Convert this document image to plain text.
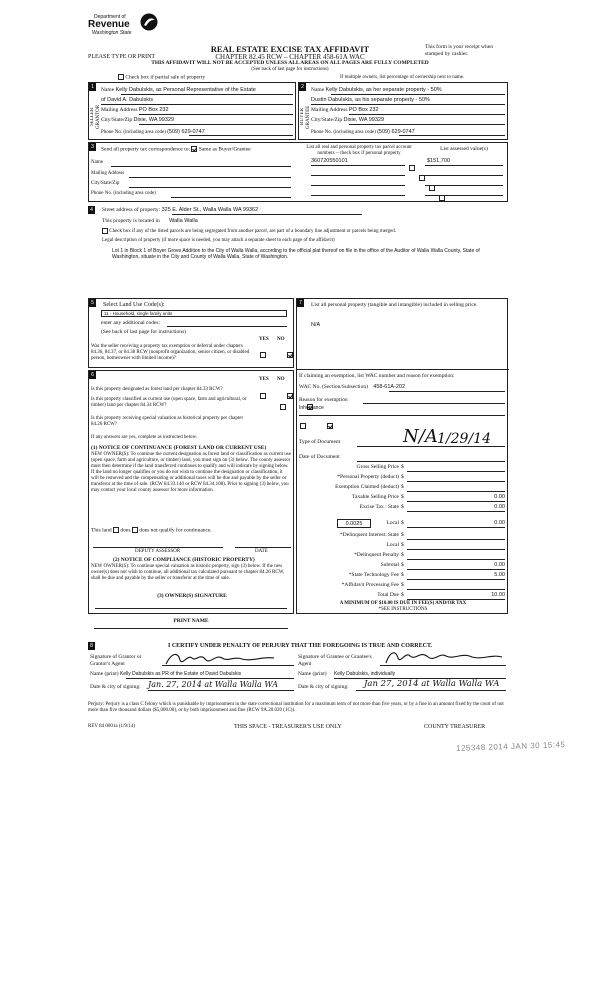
Department of
Revenue
Washington State
PLEASE TYPE OR PRINT
REAL ESTATE EXCISE TAX AFFIDAVIT
CHAPTER 82.45 RCW – CHAPTER 458-61A WAC
THIS AFFIDAVIT WILL NOT BE ACCEPTED UNLESS ALL AREAS ON ALL PAGES ARE FULLY COMPLETED
(See back of last page for instructions)
This form is your receipt when stamped by cashier.
Check box if partial sale of property	If multiple owners, list percentage of ownership next to name.
1
SELLER GRANTOR
Name Kelly Dabulskis, as Personal Representative of the Estate
of David A. Dabulskis
Mailing Address PO Box 232
City/State/Zip Dixie, WA 99329
Phone No. (including area code) (509) 629-0747
2
BUYER GRANTEE
Name Kelly Dabulskis, as her separate property - 50%
Dustin Dabulskis, as his separate property - 50%
Mailing Address PO Box 232
City/State/Zip Dixie, WA 99329
Phone No. (including area code) (509) 629-0747
3	Send all property tax correspondence to: Same as Buyer/Grantee
Name
Mailing Address
City/State/Zip
Phone No. (including area code)
List all real and personal property tax parcel account numbers – check box if personal property
List assessed value(s)
360720550101
	$151,700

4	Street address of property: 325 E. Alder St., Walla Walla WA 99362
This property is located in Walla Walla
Check box if any of the listed parcels are being segregated from another parcel, are part of a boundary line adjustment or parcels being merged.
Legal description of property (if more space is needed, you may attach a separate sheet to each page of the affidavit)
Lot 1 in Block 1 of Boyer Grove Addition to the City of Walla Walla, according to the official plat thereof on file in the office of the Auditor of Walla Walla County, State of Washington, situate in the City and County of Walla Walla, State of Washington.
5	Select Land Use Code(s):
11 - Household, single family units
enter any additional codes:
(See back of last page for instructions)
YES NO
Was the seller receiving a property tax exemption or deferral under chapters 84.36, 84.37, or 84.38 RCW (nonprofit organization, senior citizen, or disabled person, homeowner with limited income)?

6
YES NO
Is this property designated as forest land per chapter 84.33 RCW?

Is this property classified as current use (open space, farm and agricultural, or timber) land per chapter 84.34 RCW?

Is this property receiving special valuation as historical property per chapter 84.26 RCW?

If any answers are yes, complete as instructed below.
(1) NOTICE OF CONTINUANCE (FOREST LAND OR CURRENT USE)
NEW OWNER(S): To continue the current designation as forest land or classification as current use (open space, farm and agriculture, or timber) land, you must sign on (3) below. The county assessor must then determine if the land transferred continues to qualify and will indicate by signing below. If the land no longer qualifies or you do not wish to continue the designation or classification, it will be removed and the compensating or additional taxes will be due and payable by the seller or transferor at the time of sale. (RCW 84.33.140 or RCW 84.34.108). Prior to signing (3) below, you may contact your local county assessor for more information.
This land does does not qualify for continuance.
DEPUTY ASSESSOR	DATE
(2) NOTICE OF COMPLIANCE (HISTORIC PROPERTY)
NEW OWNER(S): To continue special valuation as historic property, sign (3) below. If the new owner(s) does not wish to continue, all additional tax calculated pursuant to chapter 84.26 RCW, shall be due and payable by the seller or transferor at the time of sale.
(3) OWNER(S) SIGNATURE
PRINT NAME
7	List all personal property (tangible and intangible) included in selling price.
N/A
If claiming an exemption, list WAC number and reason for exemption:
WAC No. (Section/Subsection) 458-61A-202
Reason for exemption
Inheritance
Type of Document	N/A
Date of Document
1/29/14
Gross Selling Price $
*Personal Property (deduct) $
Exemption Claimed (deduct) $
Taxable Selling Price $	0.00
Excise Tax : State $	0.00
0.0025	Local $	0.00
*Delinquent Interest: State $
Local $
*Delinquent Penalty $
Subtotal $	0.00
*State Technology Fee $	5.00
*Affidavit Processing Fee $
Total Due $	10.00
A MINIMUM OF $10.00 IS DUE IN FEE(S) AND/OR TAX
*SEE INSTRUCTIONS
8	I CERTIFY UNDER PENALTY OF PERJURY THAT THE FOREGOING IS TRUE AND CORRECT.
Signature of Grantor or Grantor's Agent
Signature of Grantee or Grantee's Agent
Name (print) Kelly Dabulskis as PR of the Estate of David Dabulskis	Name (print) Kelly Dabulskis, individually
Date & city of signing: Jan. 27, 2014 at Walla Walla WA	Date & city of signing: Jan 27, 2014 at Walla Walla WA
Perjury: Perjury is a class C felony which is punishable by imprisonment in the state correctional institution for a maximum term of not more than five years, or by a fine in an amount fixed by the court of not more than five thousand dollars ($5,000.00), or by both imprisonment and fine (RCW 9A.20.020 (1C)).
REV 84 0001a (1/9/14)	THIS SPACE - TREASURER'S USE ONLY	COUNTY TREASURER
125348 2014 JAN 30 15:45
